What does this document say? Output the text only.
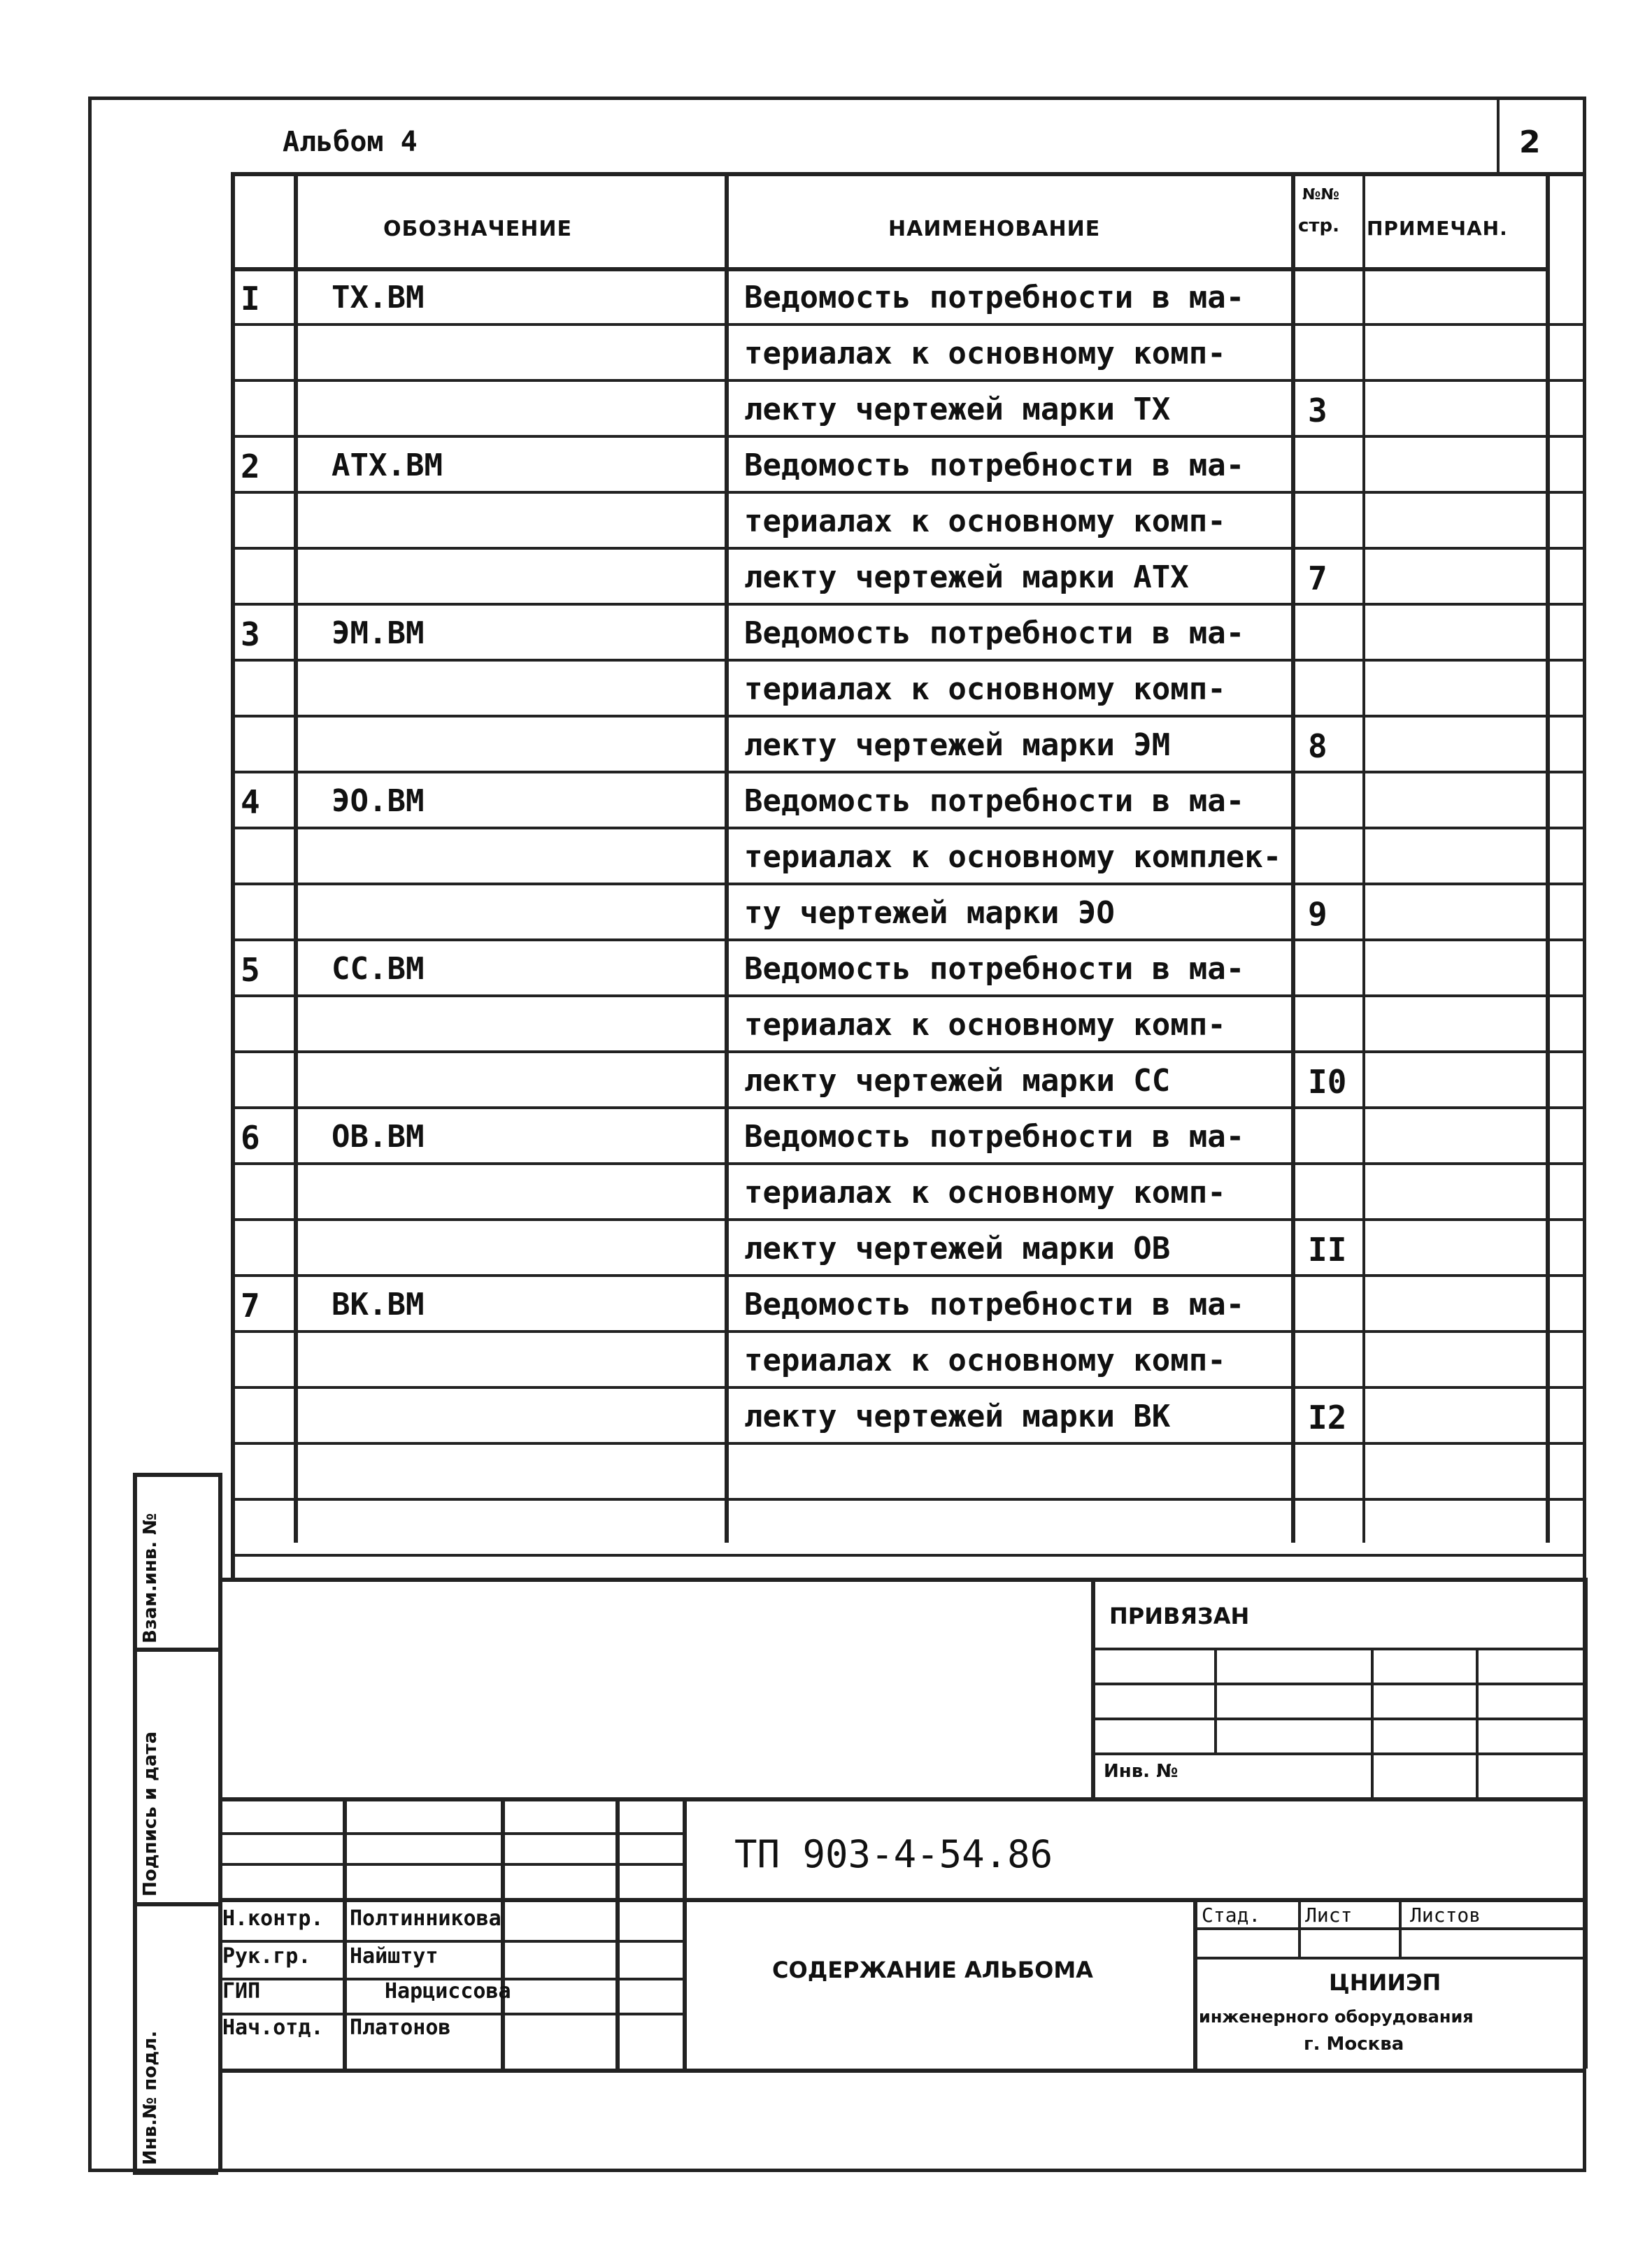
Альбом 4	2
ОБОЗНАЧЕНИЕ	НАИМЕНОВАНИЕ
№№
стр. ПРИМЕЧАН.
I ТХ.ВМ	Ведомость потребности в ма-
териалах к основному комп-
лекту чертежей марки ТХ	3
2 АТХ.ВМ	Ведомость потребности в ма-
териалах к основному комп-
лекту чертежей марки АТХ	7
3 ЭМ.ВМ	Ведомость потребности в ма-
териалах к основному комп-
лекту чертежей марки ЭМ	8
4 ЭО.ВМ	Ведомость потребности в ма-
териалах к основному комплек-
ту чертежей марки ЭО	9
5 СС.ВМ	Ведомость потребности в ма-
териалах к основному комп-
лекту чертежей марки СС	I0
6 ОВ.ВМ	Ведомость потребности в ма-
териалах к основному комп-
лекту чертежей марки ОВ	II
7 ВК.ВМ	Ведомость потребности в ма-
териалах к основному комп-
лекту чертежей марки ВК	I2
Взам.инв. №
Подпись и дата
Инв.№ подл.
ПРИВЯЗАН
Инв. №
ТП 903-4-54.86
СОДЕРЖАНИЕ АЛЬБОМА
Стад. Лист	Листов
ЦНИИЭП
инженерного оборудования
г. Москва
Н.контр. Полтинникова
Рук.гр. Найштут
ГИП	Нарциссова
Нач.отд. Платонов
